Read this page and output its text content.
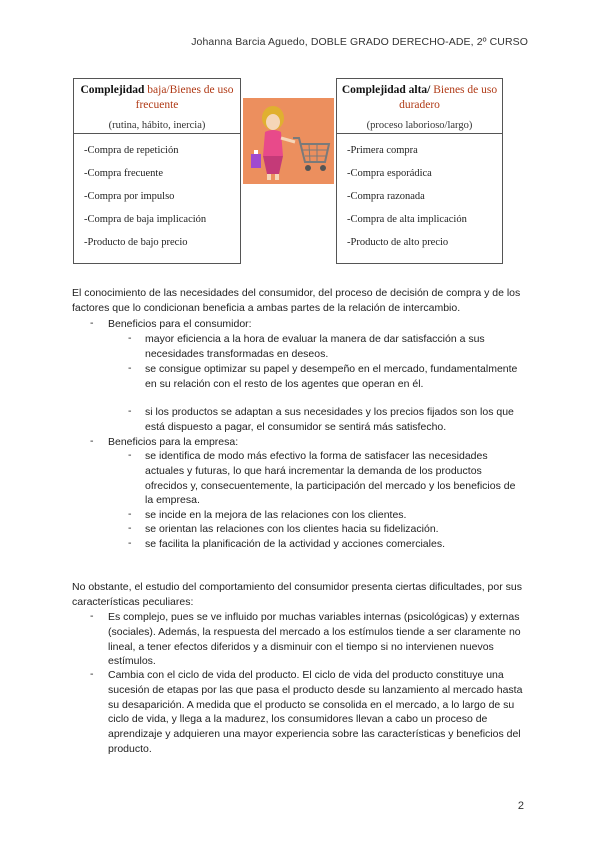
Johanna Barcia Aguedo, DOBLE GRADO DERECHO-ADE, 2º CURSO
Complejidad baja/Bienes de uso frecuente
(rutina, hábito, inercia)
-Compra de repetición
-Compra frecuente
-Compra por impulso
-Compra de baja implicación
-Producto de bajo precio
Complejidad alta/ Bienes de uso duradero
(proceso laborioso/largo)
-Primera compra
-Compra esporádica
-Compra razonada
-Compra de alta implicación
-Producto de alto precio
El conocimiento de las necesidades del consumidor, del proceso de decisión de compra y de los factores que lo condicionan beneficia a ambas partes de la relación de intercambio.
- Beneficios para el consumidor:
- mayor eficiencia a la hora de evaluar la manera de dar satisfacción a sus necesidades transformadas en deseos.
- se consigue optimizar su papel y desempeño en el mercado, fundamentalmente en su relación con el resto de los agentes que operan en él.
- si los productos se adaptan a sus necesidades y los precios fijados son los que está dispuesto a pagar, el consumidor se sentirá más satisfecho.
- Beneficios para la empresa:
- se identifica de modo más efectivo la forma de satisfacer las necesidades actuales y futuras, lo que hará incrementar la demanda de los productos ofrecidos y, consecuentemente, la participación del mercado y los beneficios de la empresa.
- se incide en la mejora de las relaciones con los clientes.
- se orientan las relaciones con los clientes hacia su fidelización.
- se facilita la planificación de la actividad y acciones comerciales.
No obstante, el estudio del comportamiento del consumidor presenta ciertas dificultades, por sus características peculiares:
- Es complejo, pues se ve influido por muchas variables internas (psicológicas) y externas (sociales). Además, la respuesta del mercado a los estímulos tiende a ser claramente no lineal, a tener efectos diferidos y a disminuir con el tiempo si no intervienen nuevos estímulos.
- Cambia con el ciclo de vida del producto. El ciclo de vida del producto constituye una sucesión de etapas por las que pasa el producto desde su lanzamiento al mercado hasta su desaparición. A medida que el producto se consolida en el mercado, a lo largo de su ciclo de vida, y llega a la madurez, los consumidores llevan a cabo un proceso de aprendizaje y adquieren una mayor experiencia sobre las características y beneficios del producto.
2
